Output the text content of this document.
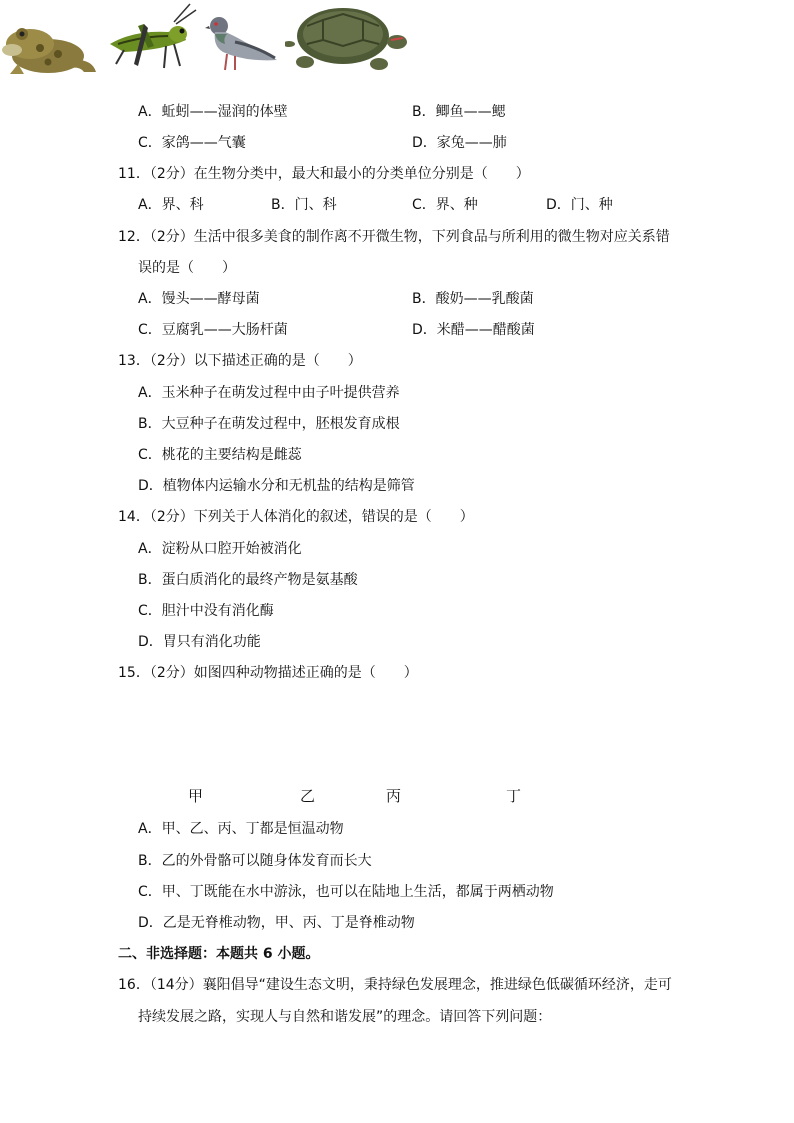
A．蚯蚓——湿润的体壁	B．鲫鱼——鳃
C．家鸽——气囊	D．家兔——肺
11．（2分）在生物分类中，最大和最小的分类单位分别是（　　）
A．界、科	B．门、科	C．界、种	D．门、种
12．（2分）生活中很多美食的制作离不开微生物，下列食品与所利用的微生物对应关系错
误的是（　　）
A．馒头——酵母菌	B．酸奶——乳酸菌
C．豆腐乳——大肠杆菌	D．米醋——醋酸菌
13．（2分）以下描述正确的是（　　）
A．玉米种子在萌发过程中由子叶提供营养
B．大豆种子在萌发过程中，胚根发育成根
C．桃花的主要结构是雌蕊
D．植物体内运输水分和无机盐的结构是筛管
14．（2分）下列关于人体消化的叙述，错误的是（　　）
A．淀粉从口腔开始被消化
B．蛋白质消化的最终产物是氨基酸
C．胆汁中没有消化酶
D．胃只有消化功能
15．（2分）如图四种动物描述正确的是（　　）

甲	乙	丙	丁
A．甲、乙、丙、丁都是恒温动物
B．乙的外骨骼可以随身体发育而长大
C．甲、丁既能在水中游泳，也可以在陆地上生活，都属于两栖动物
D．乙是无脊椎动物，甲、丙、丁是脊椎动物
二、非选择题：本题共 6 小题。
16．（14分）襄阳倡导“建设生态文明，秉持绿色发展理念，推进绿色低碳循环经济，走可
持续发展之路，实现人与自然和谐发展”的理念。请回答下列问题：
